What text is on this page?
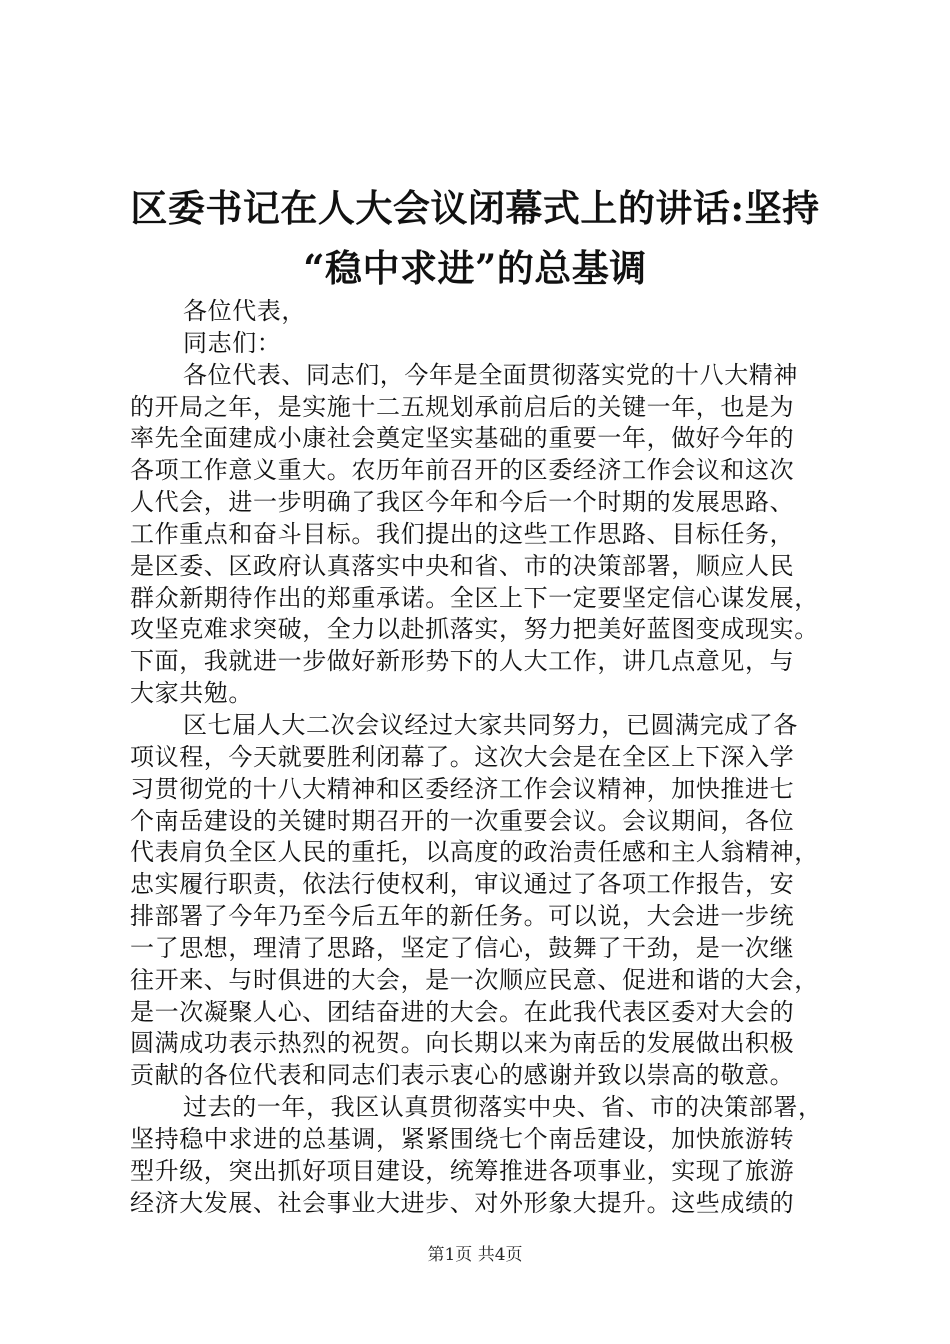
区委书记在人大会议闭幕式上的讲话:坚持
“稳中求进”的总基调
各位代表，
同志们：
各位代表、同志们，今年是全面贯彻落实党的十八大精神
的开局之年，是实施十二五规划承前启后的关键一年，也是为
率先全面建成小康社会奠定坚实基础的重要一年，做好今年的
各项工作意义重大。农历年前召开的区委经济工作会议和这次
人代会，进一步明确了我区今年和今后一个时期的发展思路、
工作重点和奋斗目标。我们提出的这些工作思路、目标任务，
是区委、区政府认真落实中央和省、市的决策部署，顺应人民
群众新期待作出的郑重承诺。全区上下一定要坚定信心谋发展，
攻坚克难求突破，全力以赴抓落实，努力把美好蓝图变成现实。
下面，我就进一步做好新形势下的人大工作，讲几点意见，与
大家共勉。
区七届人大二次会议经过大家共同努力，已圆满完成了各
项议程，今天就要胜利闭幕了。这次大会是在全区上下深入学
习贯彻党的十八大精神和区委经济工作会议精神，加快推进七
个南岳建设的关键时期召开的一次重要会议。会议期间，各位
代表肩负全区人民的重托，以高度的政治责任感和主人翁精神，
忠实履行职责，依法行使权利，审议通过了各项工作报告，安
排部署了今年乃至今后五年的新任务。可以说，大会进一步统
一了思想，理清了思路，坚定了信心，鼓舞了干劲，是一次继
往开来、与时俱进的大会，是一次顺应民意、促进和谐的大会，
是一次凝聚人心、团结奋进的大会。在此我代表区委对大会的
圆满成功表示热烈的祝贺。向长期以来为南岳的发展做出积极
贡献的各位代表和同志们表示衷心的感谢并致以崇高的敬意。
过去的一年，我区认真贯彻落实中央、省、市的决策部署，
坚持稳中求进的总基调，紧紧围绕七个南岳建设，加快旅游转
型升级，突出抓好项目建设，统筹推进各项事业，实现了旅游
经济大发展、社会事业大进步、对外形象大提升。这些成绩的
第1页 共4页
